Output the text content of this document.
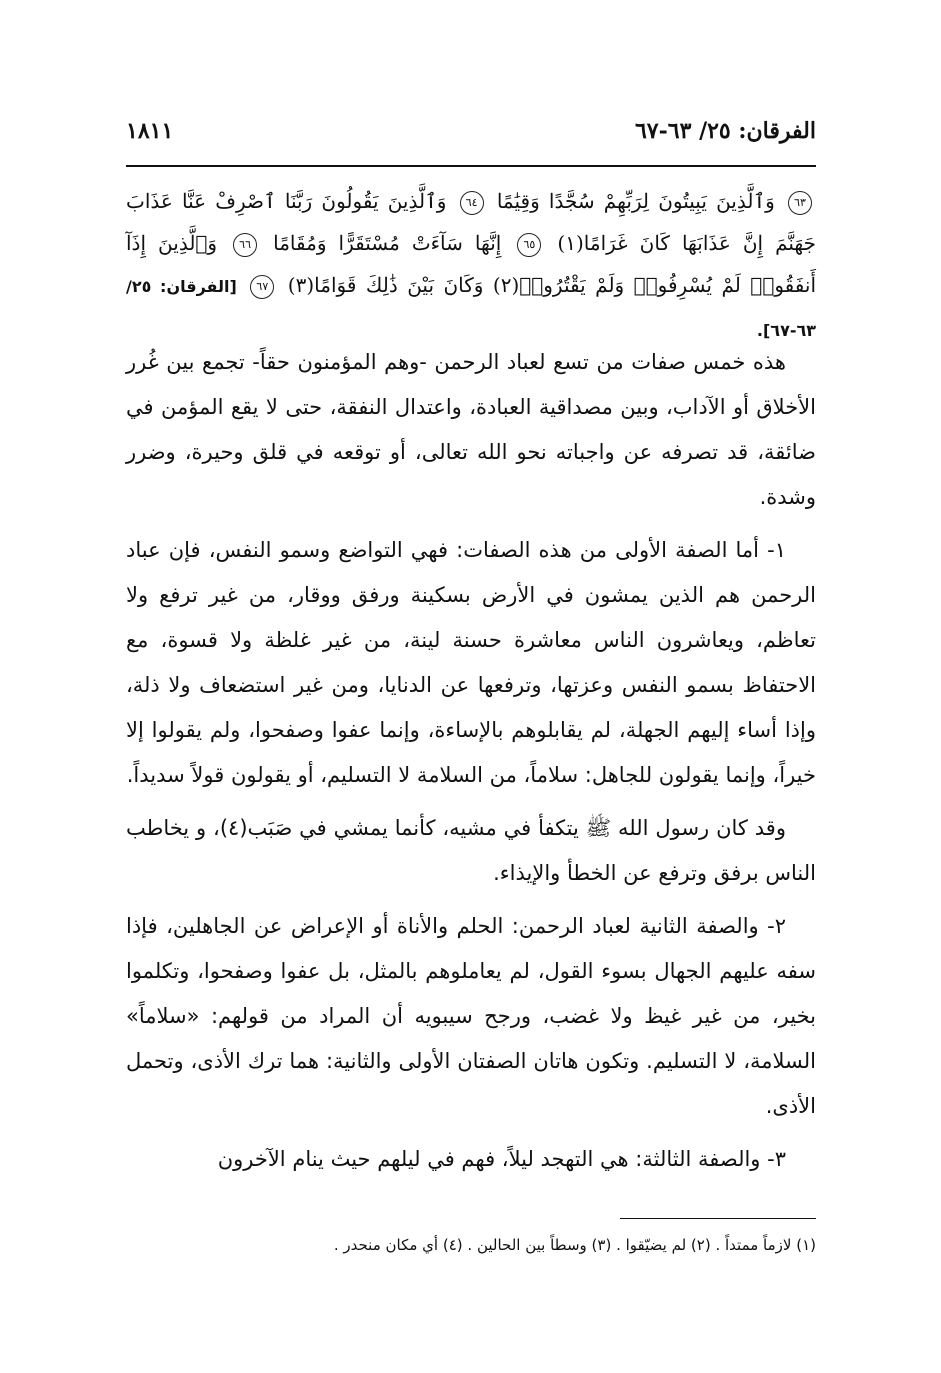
الفرقان: ٢٥/ ٦٣-٦٧
١٨١١
٦٣ وَٱلَّذِينَ يَبِيتُونَ لِرَبِّهِمْ سُجَّدًا وَقِيَٰمًا ٦٤ وَٱلَّذِينَ يَقُولُونَ رَبَّنَا ٱصْرِفْ عَنَّا عَذَابَ جَهَنَّمَ إِنَّ عَذَابَهَا كَانَ غَرَامًا(١) ٦٥ إِنَّهَا سَآءَتْ مُسْتَقَرًّا وَمُقَامًا ٦٦ وَٱلَّذِينَ إِذَآ أَنفَقُوا۟ لَمْ يُسْرِفُوا۟ وَلَمْ يَقْتُرُوا۟(٢) وَكَانَ بَيْنَ ذَٰلِكَ قَوَامًا(٣) ٦٧ [الفرقان: ٢٥/ ٦٣-٦٧].

هذه خمس صفات من تسع لعباد الرحمن -وهم المؤمنون حقاً- تجمع بين غُرر الأخلاق أو الآداب، وبين مصداقية العبادة، واعتدال النفقة، حتى لا يقع المؤمن في ضائقة، قد تصرفه عن واجباته نحو الله تعالى، أو توقعه في قلق وحيرة، وضرر وشدة.

١- أما الصفة الأولى من هذه الصفات: فهي التواضع وسمو النفس، فإن عباد الرحمن هم الذين يمشون في الأرض بسكينة ورفق ووقار، من غير ترفع ولا تعاظم، ويعاشرون الناس معاشرة حسنة لينة، من غير غلظة ولا قسوة، مع الاحتفاظ بسمو النفس وعزتها، وترفعها عن الدنايا، ومن غير استضعاف ولا ذلة، وإذا أساء إليهم الجهلة، لم يقابلوهم بالإساءة، وإنما عفوا وصفحوا، ولم يقولوا إلا خيراً، وإنما يقولون للجاهل: سلاماً، من السلامة لا التسليم، أو يقولون قولاً سديداً.

وقد كان رسول الله ﷺ يتكفأ في مشيه، كأنما يمشي في صَبَب(٤)، و يخاطب الناس برفق وترفع عن الخطأ والإيذاء.

٢- والصفة الثانية لعباد الرحمن: الحلم والأناة أو الإعراض عن الجاهلين، فإذا سفه عليهم الجهال بسوء القول، لم يعاملوهم بالمثل، بل عفوا وصفحوا، وتكلموا بخير، من غير غيظ ولا غضب، ورجح سيبويه أن المراد من قولهم: «سلاماً» السلامة، لا التسليم. وتكون هاتان الصفتان الأولى والثانية: هما ترك الأذى، وتحمل الأذى.

٣- والصفة الثالثة: هي التهجد ليلاً، فهم في ليلهم حيث ينام الآخرون

(١) لازماً ممتداً . (٢) لم يضيّقوا . (٣) وسطاً بين الحالين . (٤) أي مكان منحدر .
